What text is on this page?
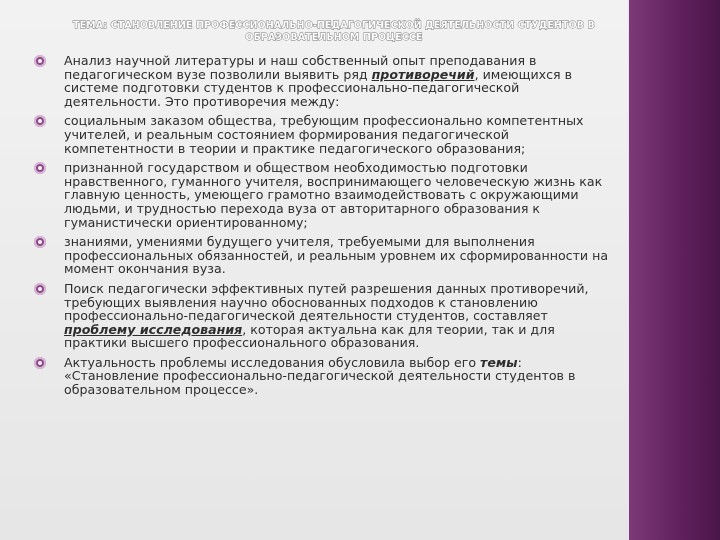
ТЕМА: СТАНОВЛЕНИЕ ПРОФЕССИОНАЛЬНО-ПЕДАГОГИЧЕСКОЙ ДЕЯТЕЛЬНОСТИ СТУДЕНТОВ В ОБРАЗОВАТЕЛЬНОМ ПРОЦЕССЕ
Анализ научной литературы и наш собственный опыт преподавания в педагогическом вузе позволили выявить ряд противоречий, имеющихся в системе подготовки студентов к профессионально-педагогической деятельности. Это противоречия между:
социальным заказом общества, требующим профессионально компетентных учителей, и реальным состоянием формирования педагогической компетентности в теории и практике педагогического образования;
признанной государством и обществом необходимостью подготовки нравственного, гуманного учителя, воспринимающего человеческую жизнь как главную ценность, умеющего грамотно взаимодействовать с окружающими людьми, и трудностью перехода вуза от авторитарного образования к гуманистически ориентированному;
знаниями, умениями будущего учителя, требуемыми для выполнения профессиональных обязанностей, и реальным уровнем их сформированности на момент окончания вуза.
Поиск педагогически эффективных путей разрешения данных противоречий, требующих выявления научно обоснованных подходов к становлению профессионально-педагогической деятельности студентов, составляет проблему исследования, которая актуальна как для теории, так и для практики высшего профессионального образования.
Актуальность проблемы исследования обусловила выбор его темы: «Становление профессионально-педагогической деятельности студентов в образовательном процессе».
